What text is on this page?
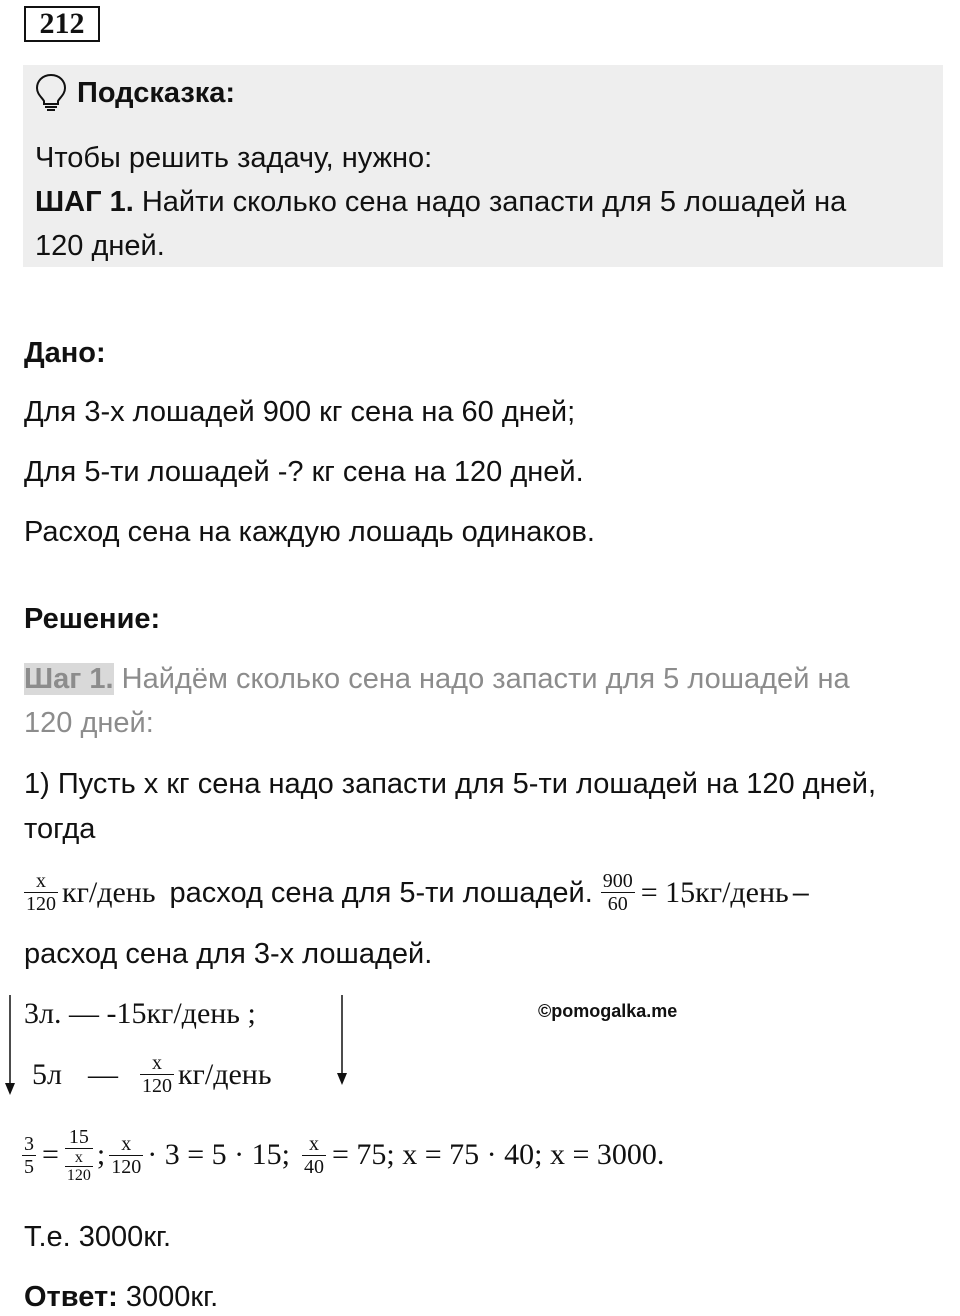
212
Подсказка:
Чтобы решить задачу, нужно:
ШАГ 1. Найти сколько сена надо запасти для 5 лошадей на
120 дней.
Дано:
Для 3-х лошадей 900 кг сена на 60 дней;
Для 5-ти лошадей -? кг сена на 120 дней.
Расход сена на каждую лошадь одинаков.
Решение:
Шаг 1. Найдём сколько сена надо запасти для 5 лошадей на
120 дней:
1) Пусть х кг сена надо запасти для 5-ти лошадей на 120 дней,
тогда
$\frac{x}{120}$ кг/день расход сена для 5-ти лошадей. $\frac{900}{60}$ = 15кг/день –
расход сена для 3-х лошадей.
3л. — -15кг/день ;
5л — $\frac{x}{120}$ кг/день
©pomogalka.me
$\frac{3}{5} = \frac{15}{\frac{x}{120}}$ ; $\frac{x}{120} \cdot 3 = 5 \cdot 15$; $\frac{x}{40} = 75$; x = 75 · 40; x = 3000.
Т.е. 3000кг.
Ответ: 3000кг.
